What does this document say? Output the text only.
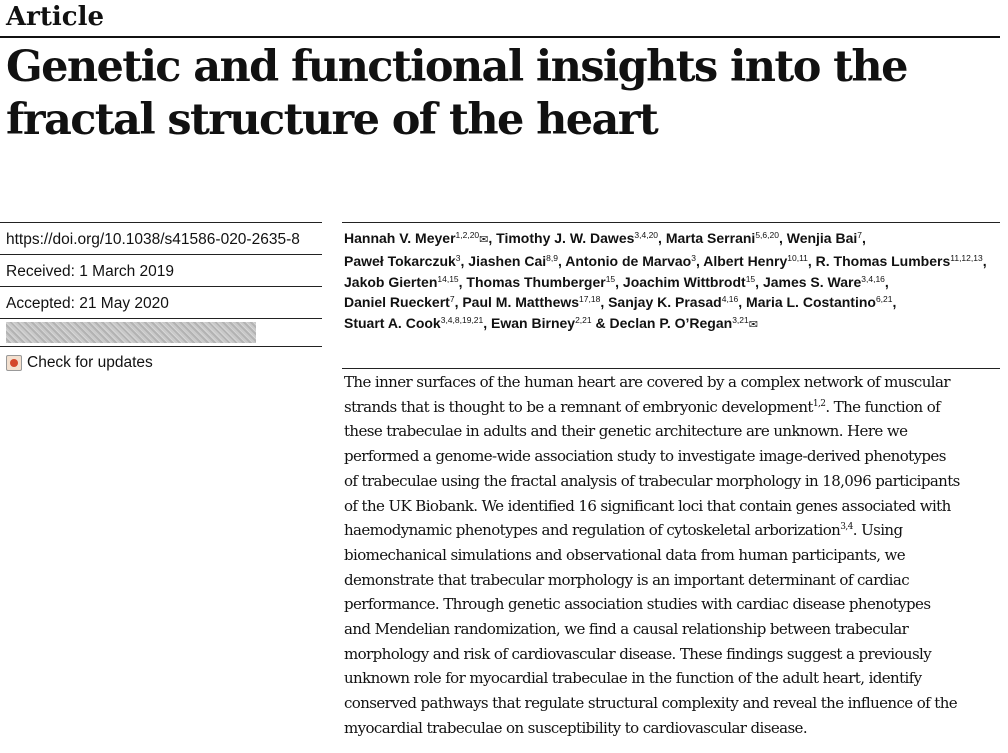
Article
Genetic and functional insights into the
fractal structure of the heart
https://doi.org/10.1038/s41586-020-2635-8
Received: 1 March 2019
Accepted: 21 May 2020
Check for updates
Hannah V. Meyer$^{1,2,20}$✉, Timothy J. W. Dawes$^{3,4,20}$, Marta Serrani$^{5,6,20}$, Wenjia Bai$^7$,
Paweł Tokarczuk$^3$, Jiashen Cai$^{8,9}$, Antonio de Marvao$^3$, Albert Henry$^{10,11}$, R. Thomas Lumbers$^{11,12,13}$,
Jakob Gierten$^{14,15}$, Thomas Thumberger$^{15}$, Joachim Wittbrodt$^{15}$, James S. Ware$^{3,4,16}$,
Daniel Rueckert$^7$, Paul M. Matthews$^{17,18}$, Sanjay K. Prasad$^{4,16}$, Maria L. Costantino$^{6,21}$,
Stuart A. Cook$^{3,4,8,19,21}$, Ewan Birney$^{2,21}$ & Declan P. O’Regan$^{3,21}$✉
The inner surfaces of the human heart are covered by a complex network of muscular
strands that is thought to be a remnant of embryonic development$^{1,2}$. The function of
these trabeculae in adults and their genetic architecture are unknown. Here we
performed a genome-wide association study to investigate image-derived phenotypes
of trabeculae using the fractal analysis of trabecular morphology in 18,096 participants
of the UK Biobank. We identified 16 significant loci that contain genes associated with
haemodynamic phenotypes and regulation of cytoskeletal arborization$^{3,4}$. Using
biomechanical simulations and observational data from human participants, we
demonstrate that trabecular morphology is an important determinant of cardiac
performance. Through genetic association studies with cardiac disease phenotypes
and Mendelian randomization, we find a causal relationship between trabecular
morphology and risk of cardiovascular disease. These findings suggest a previously
unknown role for myocardial trabeculae in the function of the adult heart, identify
conserved pathways that regulate structural complexity and reveal the influence of the
myocardial trabeculae on susceptibility to cardiovascular disease.
